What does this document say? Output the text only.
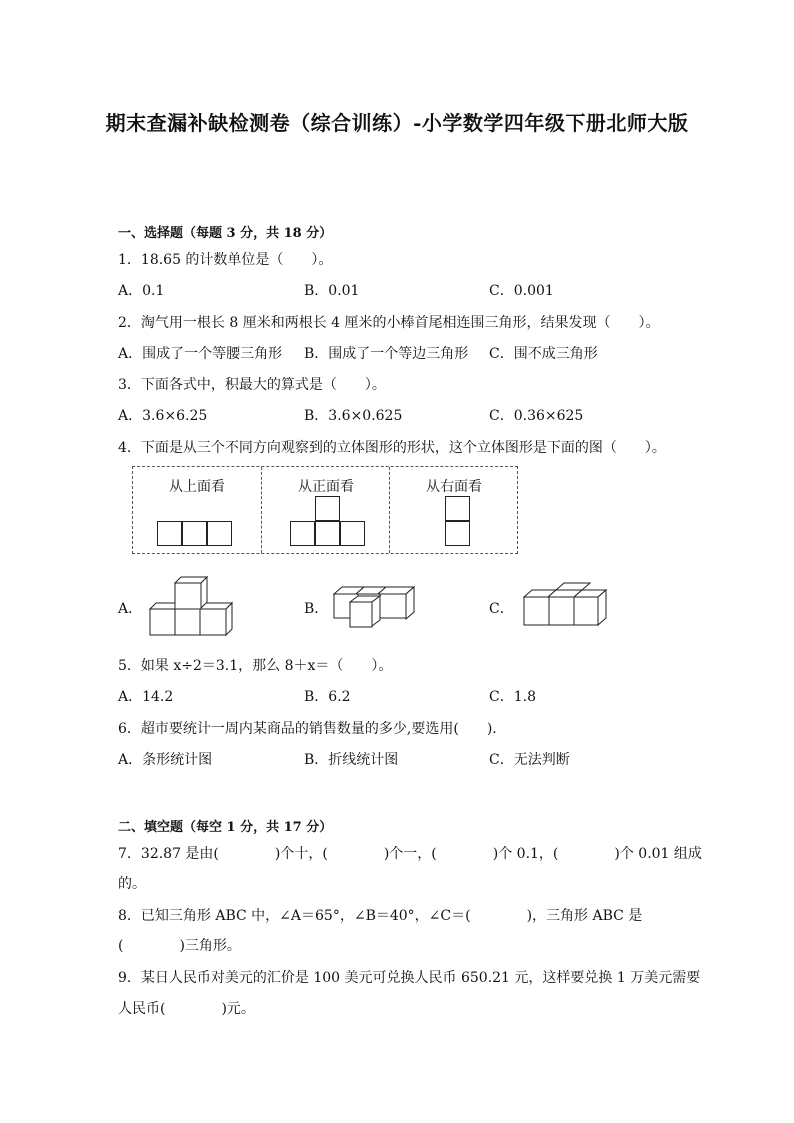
期末查漏补缺检测卷（综合训练）-小学数学四年级下册北师大版
一、选择题（每题 3 分，共 18 分）
1．18.65 的计数单位是（　　）。
A．0.1	B．0.01	C．0.001
2．淘气用一根长 8 厘米和两根长 4 厘米的小棒首尾相连围三角形，结果发现（　　）。
A．围成了一个等腰三角形 B．围成了一个等边三角形 C．围不成三角形
3．下面各式中，积最大的算式是（　　）。
A．3.6×6.25	B．3.6×0.625	C．0.36×625
4．下面是从三个不同方向观察到的立体图形的形状，这个立体图形是下面的图（　　）。
从上面看	从正面看	从右面看
A．	B．	C．
5．如果 x÷2＝3.1，那么 8＋x＝（　　）。
A．14.2	B．6.2	C．1.8
6．超市要统计一周内某商品的销售数量的多少,要选用(　　).
A．条形统计图	B．折线统计图	C．无法判断
二、填空题（每空 1 分，共 17 分）
7．32.87 是由(　　　　)个十，(　　　　)个一，(　　　　)个 0.1，(　　　　)个 0.01 组成
的。
8．已知三角形 ABC 中，∠A＝65°，∠B＝40°，∠C＝(　　　　)，三角形 ABC 是
(　　　　)三角形。
9．某日人民币对美元的汇价是 100 美元可兑换人民币 650.21 元，这样要兑换 1 万美元需要
人民币(　　　　)元。
